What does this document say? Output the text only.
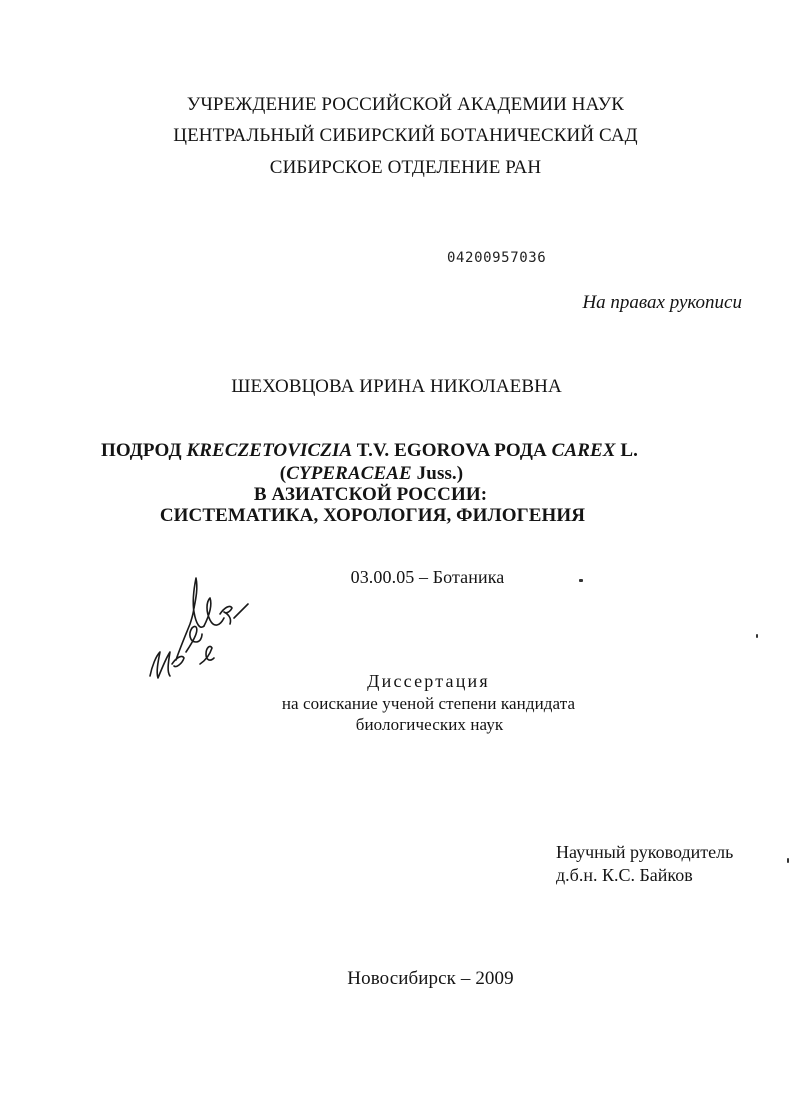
УЧРЕЖДЕНИЕ РОССИЙСКОЙ АКАДЕМИИ НАУК
ЦЕНТРАЛЬНЫЙ СИБИРСКИЙ БОТАНИЧЕСКИЙ САД
СИБИРСКОЕ ОТДЕЛЕНИЕ РАН
04200957036
На правах рукописи
ШЕХОВЦОВА ИРИНА НИКОЛАЕВНА
ПОДРОД KRECZETOVICZIA T.V. EGOROVA РОДА CAREX L.
(CYPERACEAE Juss.)
В АЗИАТСКОЙ РОССИИ:
СИСТЕМАТИКА, ХОРОЛОГИЯ, ФИЛОГЕНИЯ
03.00.05 – Ботаника
Диссертация
на соискание ученой степени кандидата
биологических наук
Научный руководитель
д.б.н. К.С. Байков
Новосибирск – 2009
